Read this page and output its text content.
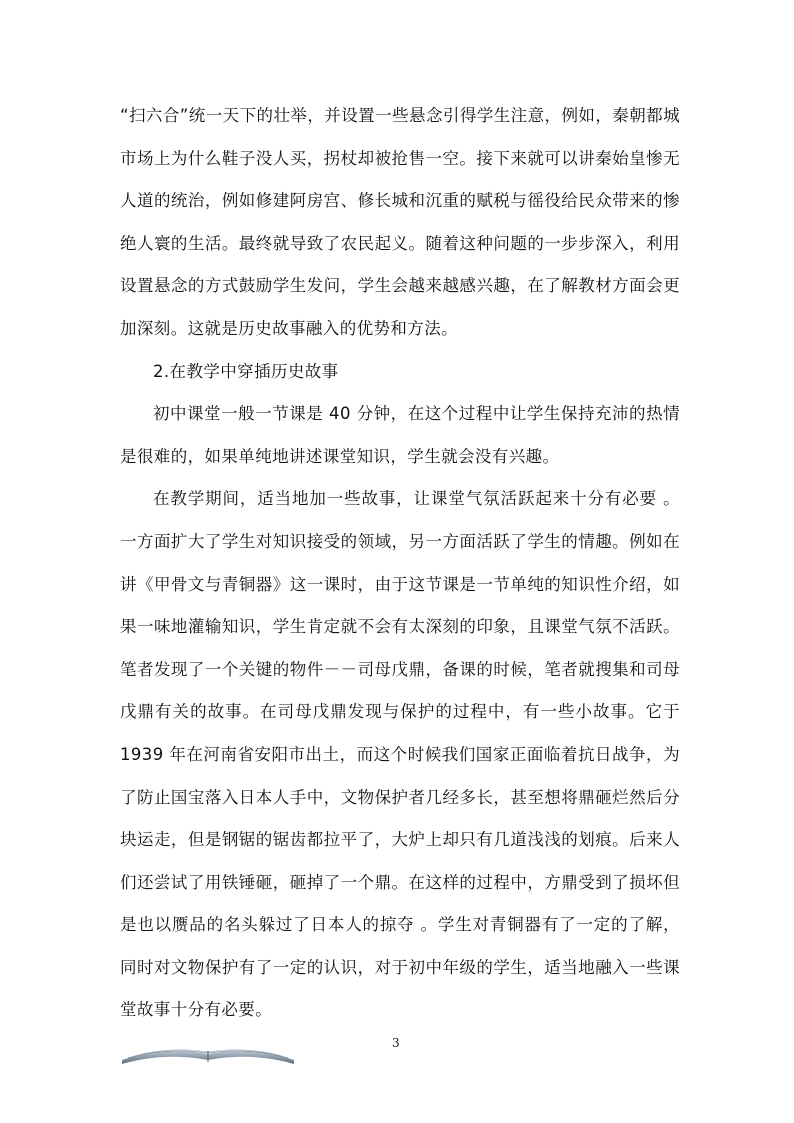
“扫六合”统一天下的壮举，并设置一些悬念引得学生注意，例如，秦朝都城市场上为什么鞋子没人买，拐杖却被抢售一空。接下来就可以讲秦始皇惨无人道的统治，例如修建阿房宫、修长城和沉重的赋税与徭役给民众带来的惨绝人寰的生活。最终就导致了农民起义。随着这种问题的一步步深入，利用设置悬念的方式鼓励学生发问，学生会越来越感兴趣，在了解教材方面会更加深刻。这就是历史故事融入的优势和方法。

2.在教学中穿插历史故事

初中课堂一般一节课是 40 分钟，在这个过程中让学生保持充沛的热情是很难的，如果单纯地讲述课堂知识，学生就会没有兴趣。

在教学期间，适当地加一些故事，让课堂气氛活跃起来十分有必要 。一方面扩大了学生对知识接受的领域，另一方面活跃了学生的情趣。例如在讲《甲骨文与青铜器》这一课时，由于这节课是一节单纯的知识性介绍，如果一味地灌输知识，学生肯定就不会有太深刻的印象，且课堂气氛不活跃。笔者发现了一个关键的物件－－司母戊鼎，备课的时候，笔者就搜集和司母戊鼎有关的故事。在司母戊鼎发现与保护的过程中，有一些小故事。它于 1939 年在河南省安阳市出土，而这个时候我们国家正面临着抗日战争，为了防止国宝落入日本人手中，文物保护者几经多长，甚至想将鼎砸烂然后分块运走，但是钢锯的锯齿都拉平了，大炉上却只有几道浅浅的划痕。后来人们还尝试了用铁锤砸，砸掉了一个鼎。在这样的过程中，方鼎受到了损坏但是也以赝品的名头躲过了日本人的掠夺 。学生对青铜器有了一定的了解，同时对文物保护有了一定的认识，对于初中年级的学生，适当地融入一些课堂故事十分有必要。

3
